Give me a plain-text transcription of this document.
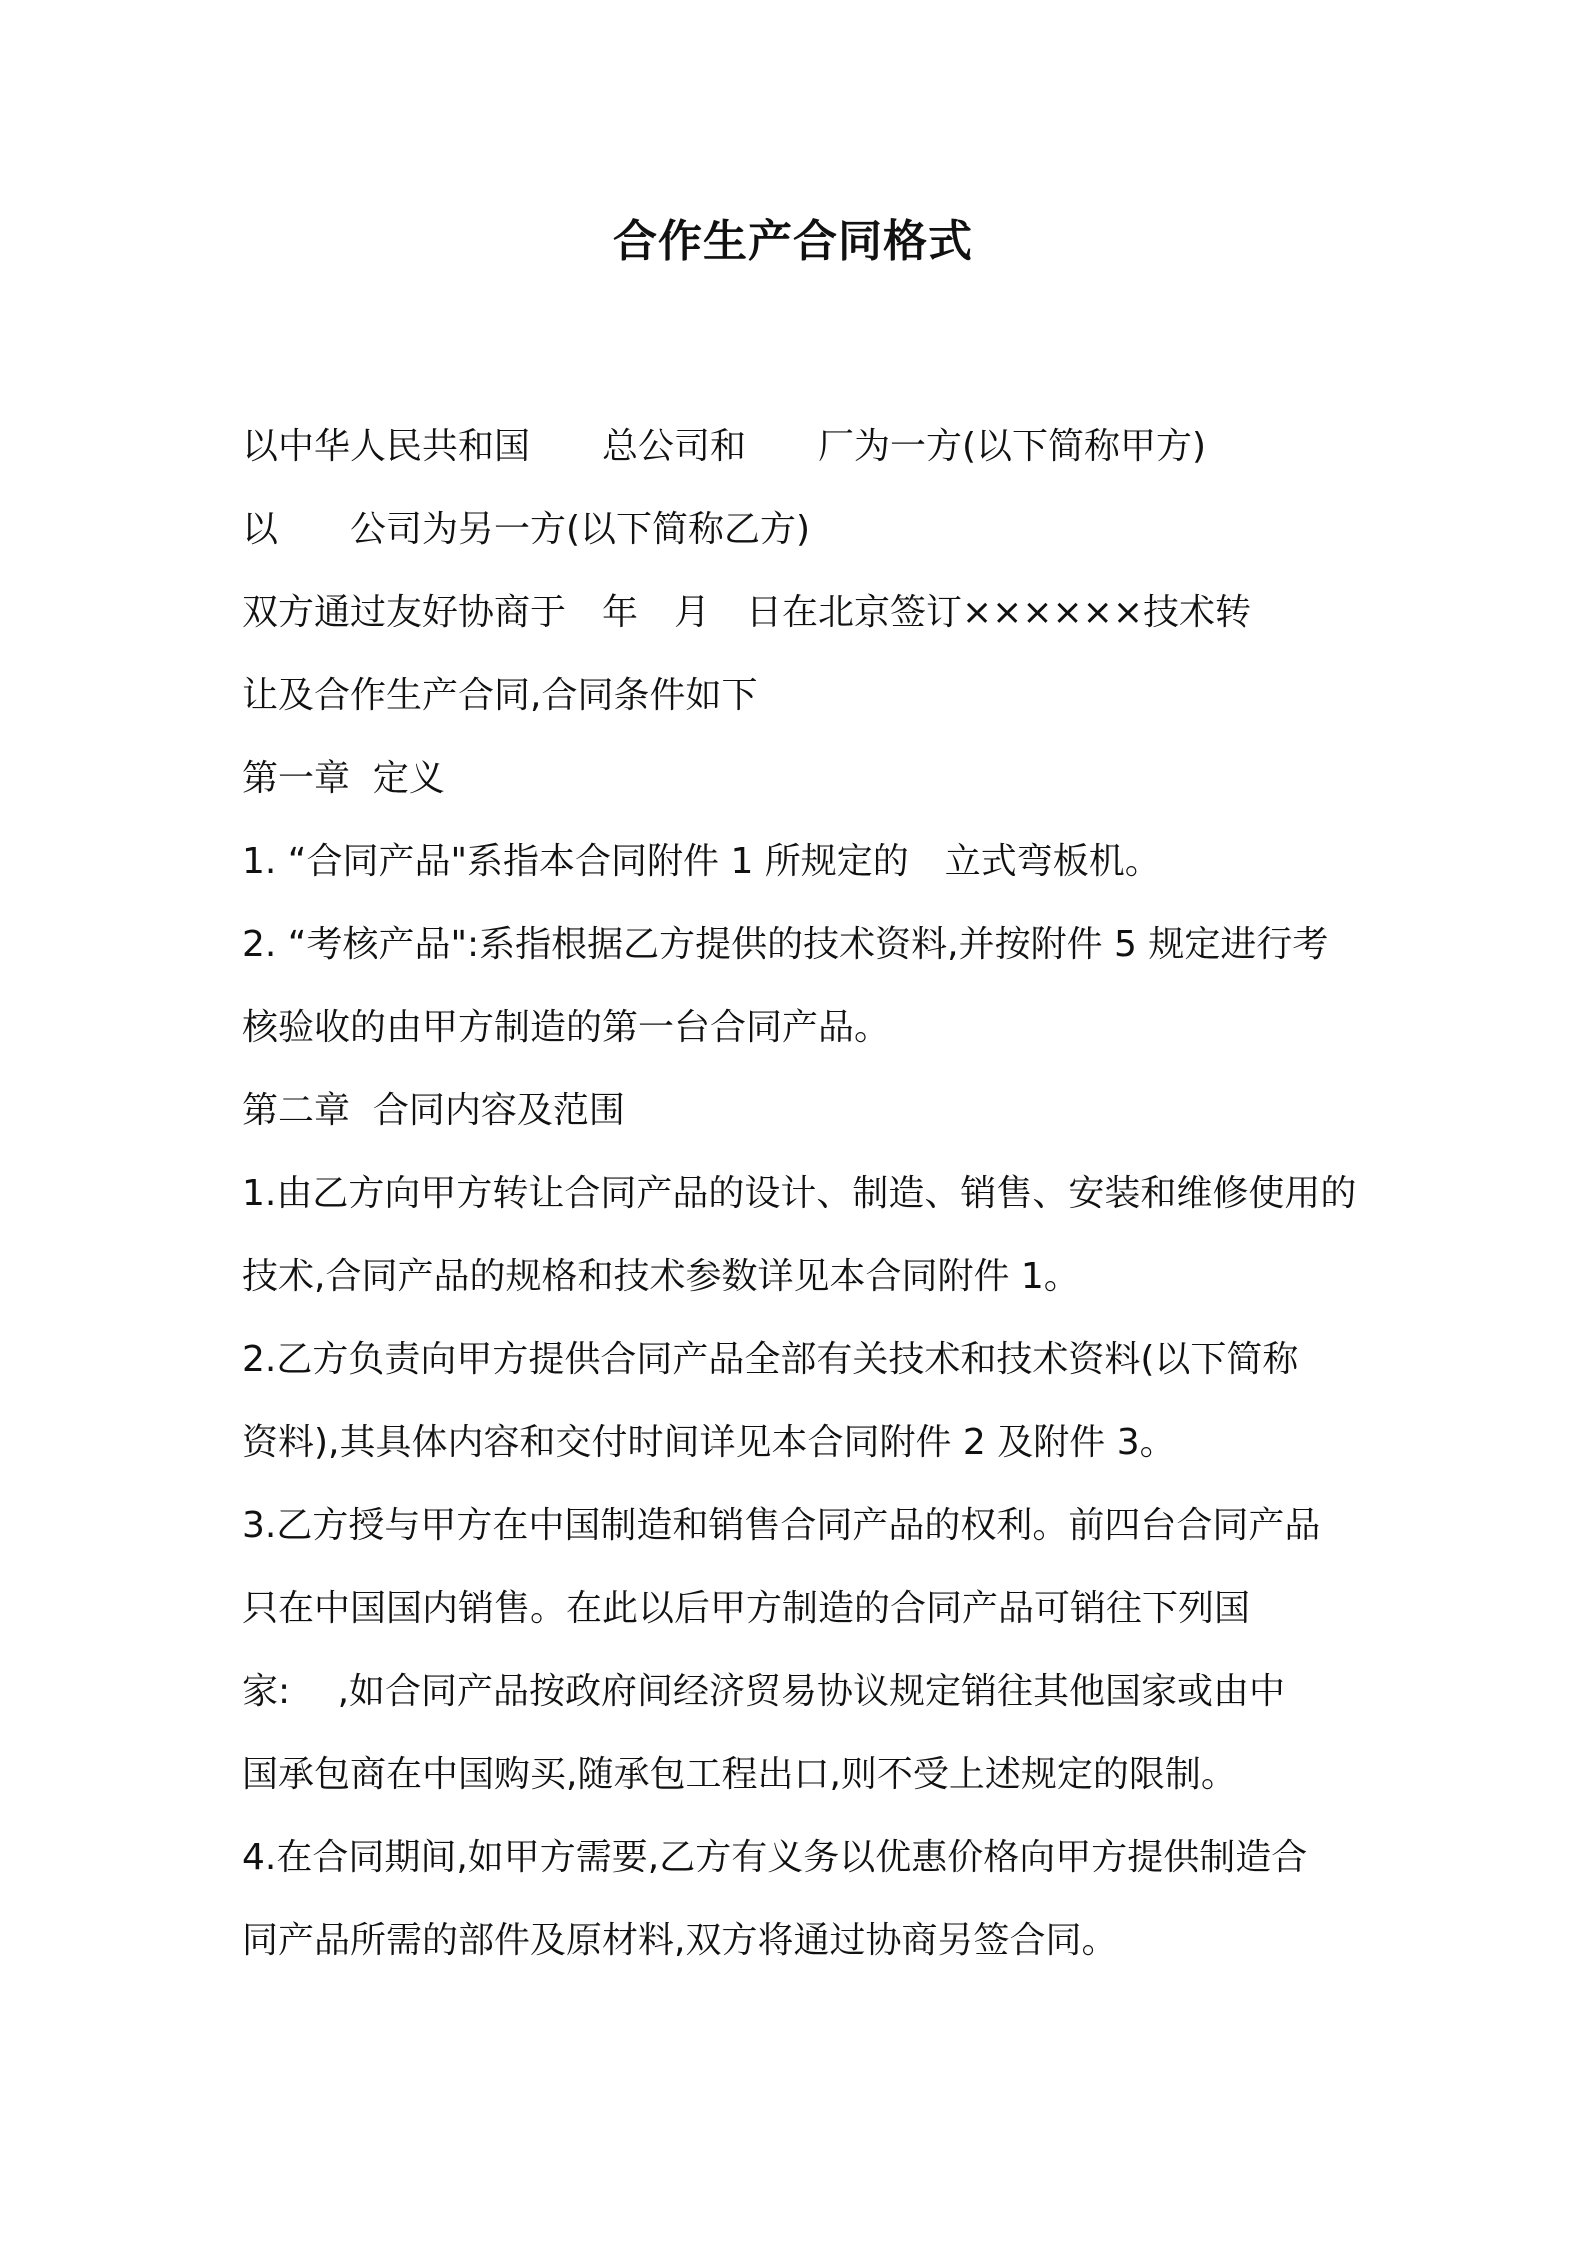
合作生产合同格式
以中华人民共和国　　总公司和　　厂为一方(以下简称甲方)
以　　公司为另一方(以下简称乙方)
双方通过友好协商于　年　月　日在北京签订××××××技术转
让及合作生产合同,合同条件如下
第一章  定义
1. “合同产品"系指本合同附件 1 所规定的　立式弯板机。
2. “考核产品":系指根据乙方提供的技术资料,并按附件 5 规定进行考
核验收的由甲方制造的第一台合同产品。
第二章  合同内容及范围
1.由乙方向甲方转让合同产品的设计、制造、销售、安装和维修使用的
技术,合同产品的规格和技术参数详见本合同附件 1。
2.乙方负责向甲方提供合同产品全部有关技术和技术资料(以下简称
资料),其具体内容和交付时间详见本合同附件 2 及附件 3。
3.乙方授与甲方在中国制造和销售合同产品的权利。前四台合同产品
只在中国国内销售。在此以后甲方制造的合同产品可销往下列国
家:　 ,如合同产品按政府间经济贸易协议规定销往其他国家或由中
国承包商在中国购买,随承包工程出口,则不受上述规定的限制。
4.在合同期间,如甲方需要,乙方有义务以优惠价格向甲方提供制造合
同产品所需的部件及原材料,双方将通过协商另签合同。
